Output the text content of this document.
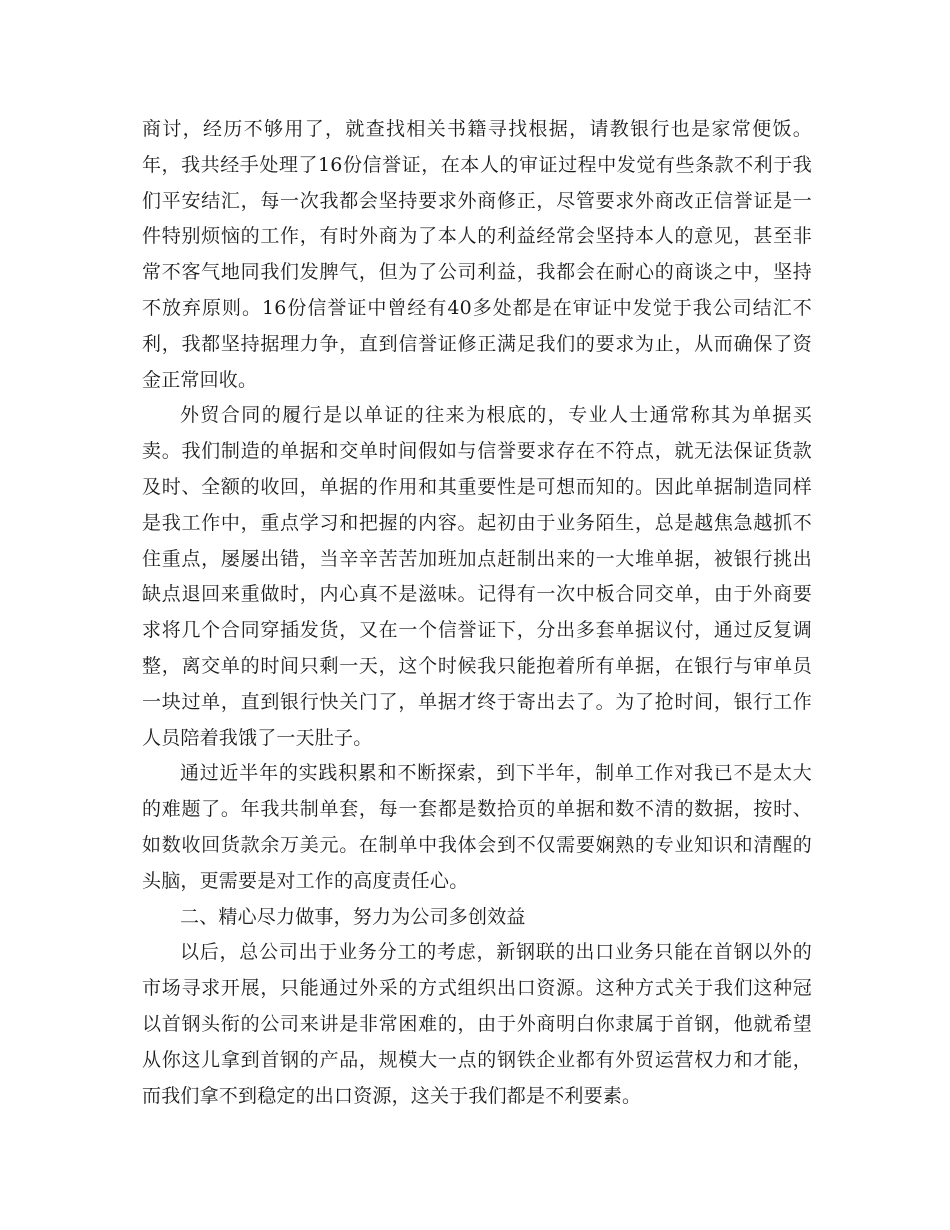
商讨，经历不够用了，就查找相关书籍寻找根据，请教银行也是家常便饭。年，我共经手处理了16份信誉证，在本人的审证过程中发觉有些条款不利于我们平安结汇，每一次我都会坚持要求外商修正，尽管要求外商改正信誉证是一件特别烦恼的工作，有时外商为了本人的利益经常会坚持本人的意见，甚至非常不客气地同我们发脾气，但为了公司利益，我都会在耐心的商谈之中，坚持不放弃原则。16份信誉证中曾经有40多处都是在审证中发觉于我公司结汇不利，我都坚持据理力争，直到信誉证修正满足我们的要求为止，从而确保了资金正常回收。

外贸合同的履行是以单证的往来为根底的，专业人士通常称其为单据买卖。我们制造的单据和交单时间假如与信誉要求存在不符点，就无法保证货款及时、全额的收回，单据的作用和其重要性是可想而知的。因此单据制造同样是我工作中，重点学习和把握的内容。起初由于业务陌生，总是越焦急越抓不住重点，屡屡出错，当辛辛苦苦加班加点赶制出来的一大堆单据，被银行挑出缺点退回来重做时，内心真不是滋味。记得有一次中板合同交单，由于外商要求将几个合同穿插发货，又在一个信誉证下，分出多套单据议付，通过反复调整，离交单的时间只剩一天，这个时候我只能抱着所有单据，在银行与审单员一块过单，直到银行快关门了，单据才终于寄出去了。为了抢时间，银行工作人员陪着我饿了一天肚子。

通过近半年的实践积累和不断探索，到下半年，制单工作对我已不是太大的难题了。年我共制单套，每一套都是数拾页的单据和数不清的数据，按时、如数收回货款余万美元。在制单中我体会到不仅需要娴熟的专业知识和清醒的头脑，更需要是对工作的高度责任心。

二、精心尽力做事，努力为公司多创效益

以后，总公司出于业务分工的考虑，新钢联的出口业务只能在首钢以外的市场寻求开展，只能通过外采的方式组织出口资源。这种方式关于我们这种冠以首钢头衔的公司来讲是非常困难的，由于外商明白你隶属于首钢，他就希望从你这儿拿到首钢的产品，规模大一点的钢铁企业都有外贸运营权力和才能，而我们拿不到稳定的出口资源，这关于我们都是不利要素。
